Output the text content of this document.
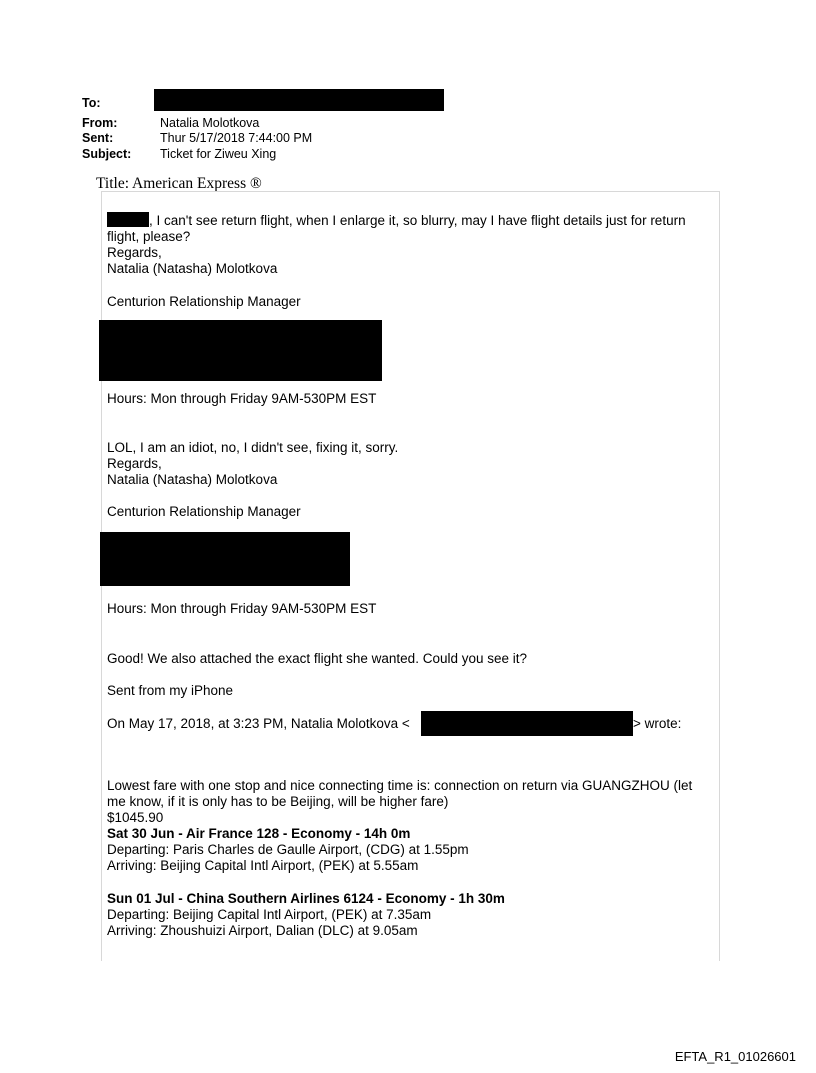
To:
From:	Natalia Molotkova
Sent:	Thur 5/17/2018 7:44:00 PM
Subject:	Ticket for Ziweu Xing
Title: American Express ®
, I can't see return flight, when I enlarge it, so blurry, may I have flight details just for return
flight, please?
Regards,
Natalia (Natasha) Molotkova
Centurion Relationship Manager
Hours: Mon through Friday 9AM-530PM EST
LOL, I am an idiot, no, I didn't see, fixing it, sorry.
Regards,
Natalia (Natasha) Molotkova
Centurion Relationship Manager
Hours: Mon through Friday 9AM-530PM EST
Good! We also attached the exact flight she wanted. Could you see it?
Sent from my iPhone
On May 17, 2018, at 3:23 PM, Natalia Molotkova <	> wrote:
Lowest fare with one stop and nice connecting time is: connection on return via GUANGZHOU (let
me know, if it is only has to be Beijing, will be higher fare)
$1045.90
Sat 30 Jun - Air France 128 - Economy - 14h 0m
Departing: Paris Charles de Gaulle Airport, (CDG) at 1.55pm
Arriving: Beijing Capital Intl Airport, (PEK) at 5.55am
Sun 01 Jul - China Southern Airlines 6124 - Economy - 1h 30m
Departing: Beijing Capital Intl Airport, (PEK) at 7.35am
Arriving: Zhoushuizi Airport, Dalian (DLC) at 9.05am
EFTA_R1_01026601
